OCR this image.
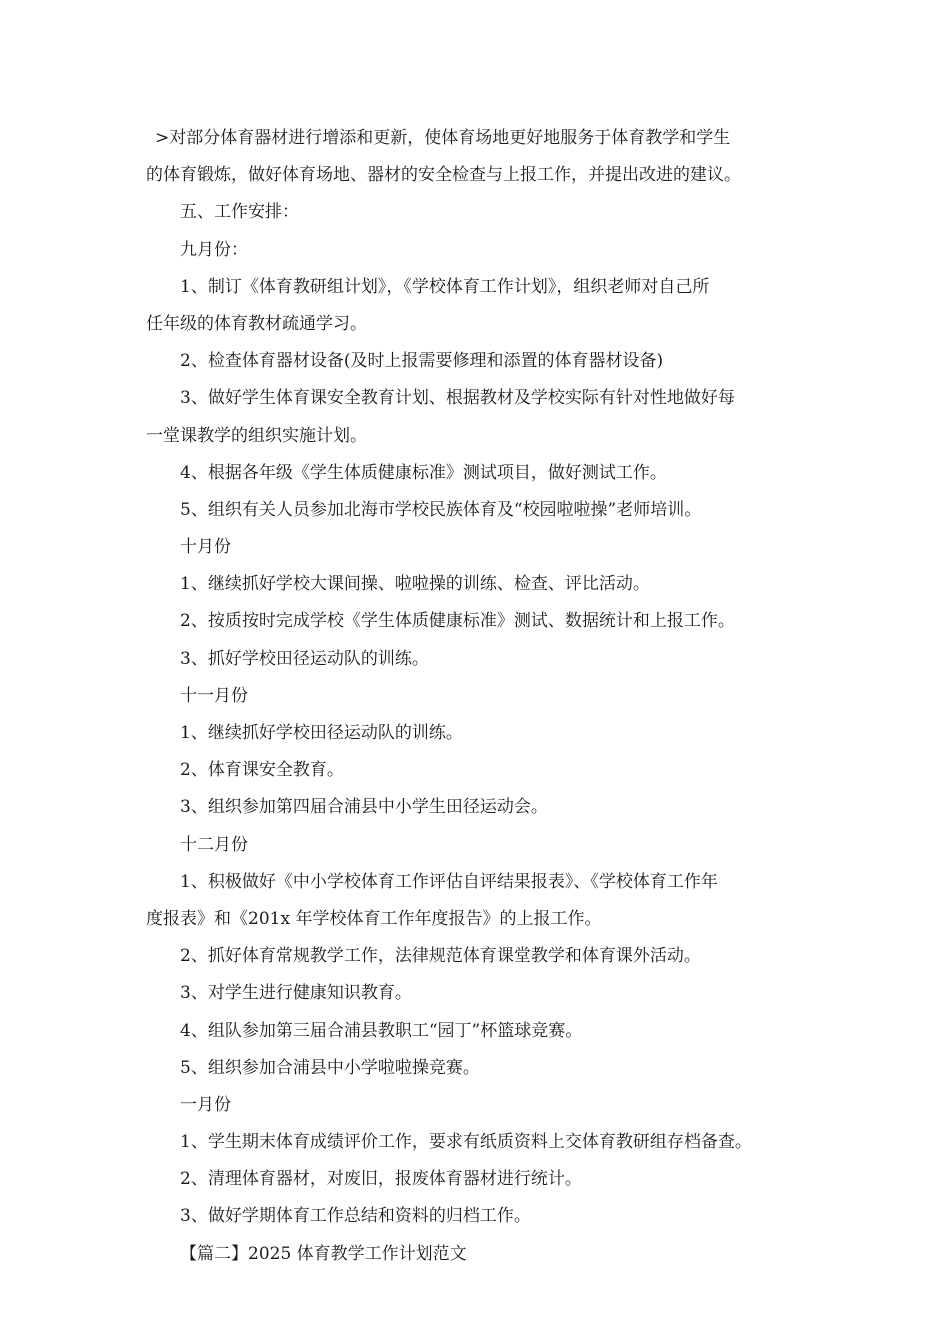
>对部分体育器材进行增添和更新，使体育场地更好地服务于体育教学和学生
的体育锻炼，做好体育场地、器材的安全检查与上报工作，并提出改进的建议。
五、工作安排：
九月份：
1、制订《体育教研组计划》，《学校体育工作计划》，组织老师对自己所
任年级的体育教材疏通学习。
2、检查体育器材设备(及时上报需要修理和添置的体育器材设备)
3、做好学生体育课安全教育计划、根据教材及学校实际有针对性地做好每
一堂课教学的组织实施计划。
4、根据各年级《学生体质健康标准》测试项目，做好测试工作。
5、组织有关人员参加北海市学校民族体育及“校园啦啦操”老师培训。
十月份
1、继续抓好学校大课间操、啦啦操的训练、检查、评比活动。
2、按质按时完成学校《学生体质健康标准》测试、数据统计和上报工作。
3、抓好学校田径运动队的训练。
十一月份
1、继续抓好学校田径运动队的训练。
2、体育课安全教育。
3、组织参加第四届合浦县中小学生田径运动会。
十二月份
1、积极做好《中小学校体育工作评估自评结果报表》、《学校体育工作年
度报表》和《201x 年学校体育工作年度报告》的上报工作。
2、抓好体育常规教学工作，法律规范体育课堂教学和体育课外活动。
3、对学生进行健康知识教育。
4、组队参加第三届合浦县教职工“园丁”杯篮球竞赛。
5、组织参加合浦县中小学啦啦操竞赛。
一月份
1、学生期末体育成绩评价工作，要求有纸质资料上交体育教研组存档备查。
2、清理体育器材，对废旧，报废体育器材进行统计。
3、做好学期体育工作总结和资料的归档工作。
【篇二】2025 体育教学工作计划范文
